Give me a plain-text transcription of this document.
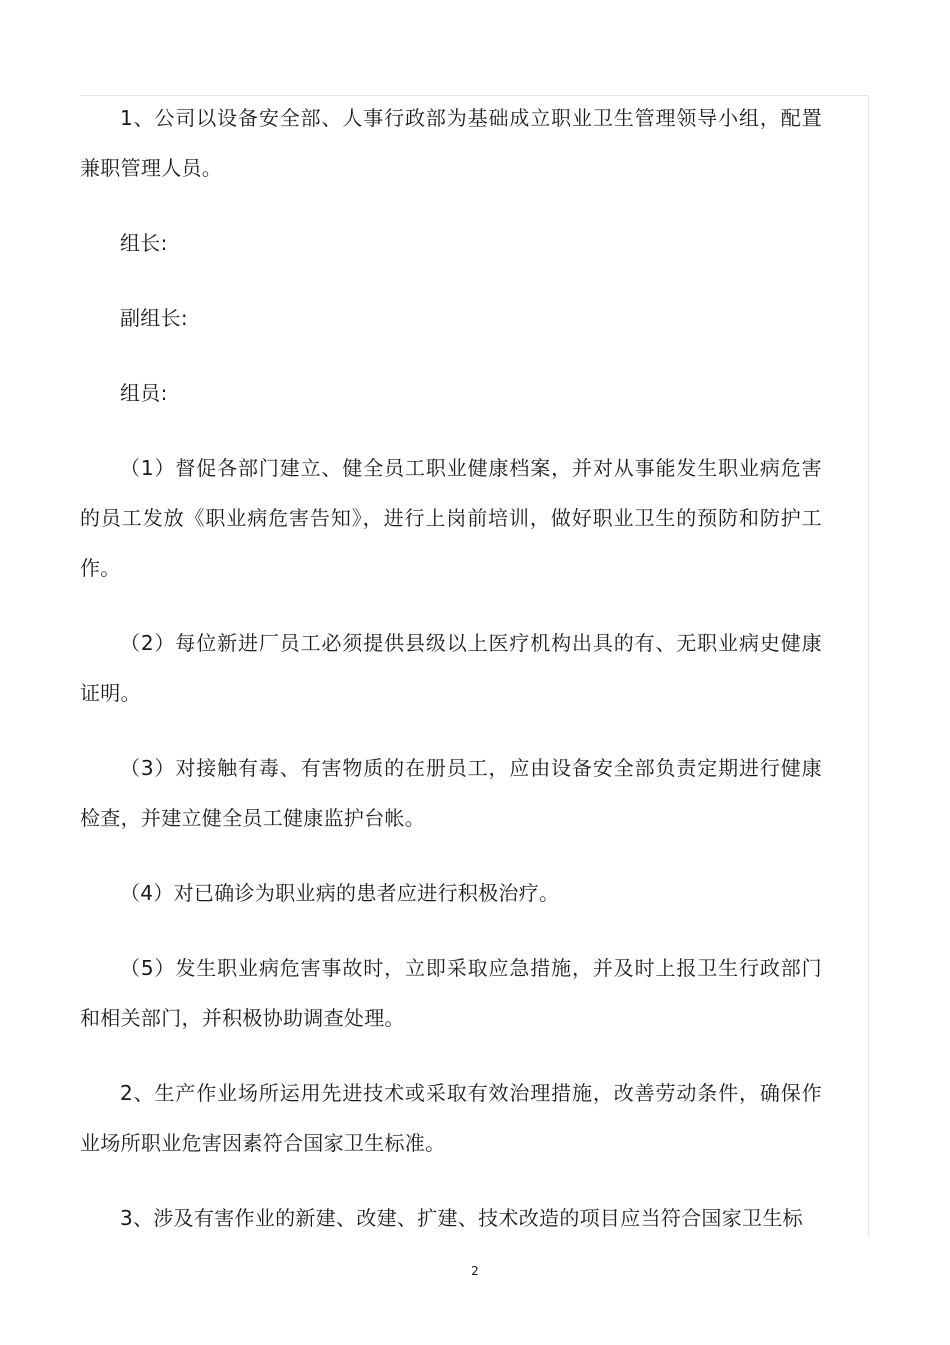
1、公司以设备安全部、人事行政部为基础成立职业卫生管理领导小组，配置兼职管理人员。

组长:

副组长:

组员:

（1）督促各部门建立、健全员工职业健康档案，并对从事能发生职业病危害的员工发放《职业病危害告知》，进行上岗前培训，做好职业卫生的预防和防护工作。

（2）每位新进厂员工必须提供县级以上医疗机构出具的有、无职业病史健康证明。

（3）对接触有毒、有害物质的在册员工，应由设备安全部负责定期进行健康检查，并建立健全员工健康监护台帐。

（4）对已确诊为职业病的患者应进行积极治疗。

（5）发生职业病危害事故时，立即采取应急措施，并及时上报卫生行政部门和相关部门，并积极协助调查处理。

2、生产作业场所运用先进技术或采取有效治理措施，改善劳动条件，确保作业场所职业危害因素符合国家卫生标准。

3、涉及有害作业的新建、改建、扩建、技术改造的项目应当符合国家卫生标

2
